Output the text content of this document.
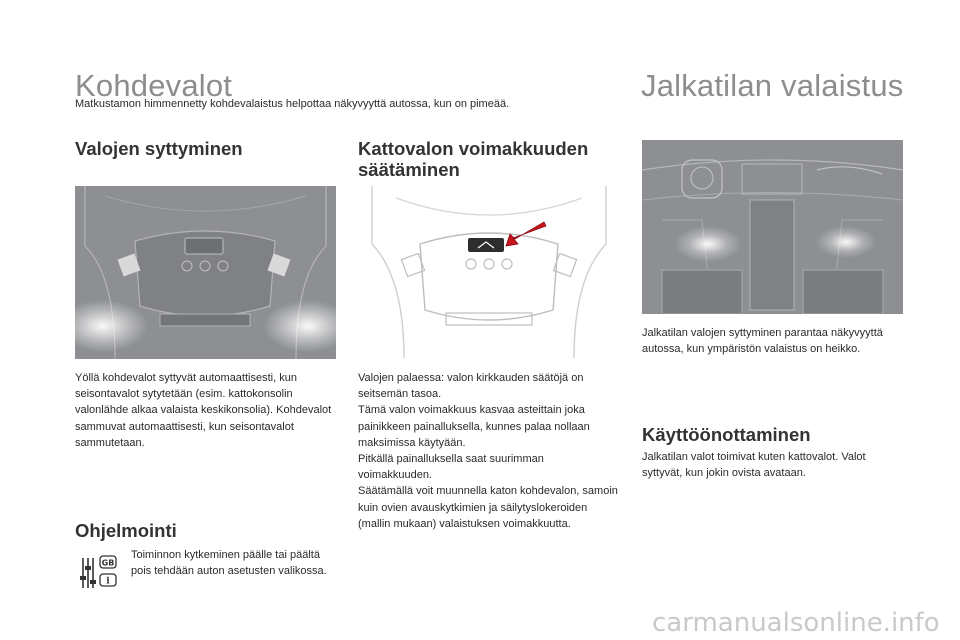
Kohdevalot	Jalkatilan valaistus
Matkustamon himmennetty kohdevalaistus helpottaa näkyvyyttä autossa, kun on pimeää.
Valojen syttyminen
Yöllä kohdevalot syttyvät automaattisesti, kun seisontavalot sytytetään (esim. kattokonsolin valonlähde alkaa valaista keskikonsolia). Kohdevalot sammuvat automaattisesti, kun seisontavalot sammutetaan.
Ohjelmointi
GB
i
Toiminnon kytkeminen päälle tai päältä pois tehdään auton asetusten valikossa.
Kattovalon voimakkuuden
säätäminen

Valojen palaessa: valon kirkkauden säätöjä on seitsemän tasoa.

Tämä valon voimakkuus kasvaa asteittain joka painikkeen painalluksella, kunnes palaa nollaan maksimissa käytyään.

Pitkällä painalluksella saat suurimman voimakkuuden.

Säätämällä voit muunnella katon kohdevalon, samoin kuin ovien avauskytkimien ja säilytyslokeroiden (mallin mukaan) valaistuksen voimakkuutta.

Jalkatilan valojen syttyminen parantaa näkyvyyttä autossa, kun ympäristön valaistus on heikko.
Käyttöönottaminen
Jalkatilan valot toimivat kuten kattovalot. Valot syttyvät, kun jokin ovista avataan.
carmanualsonline.info
